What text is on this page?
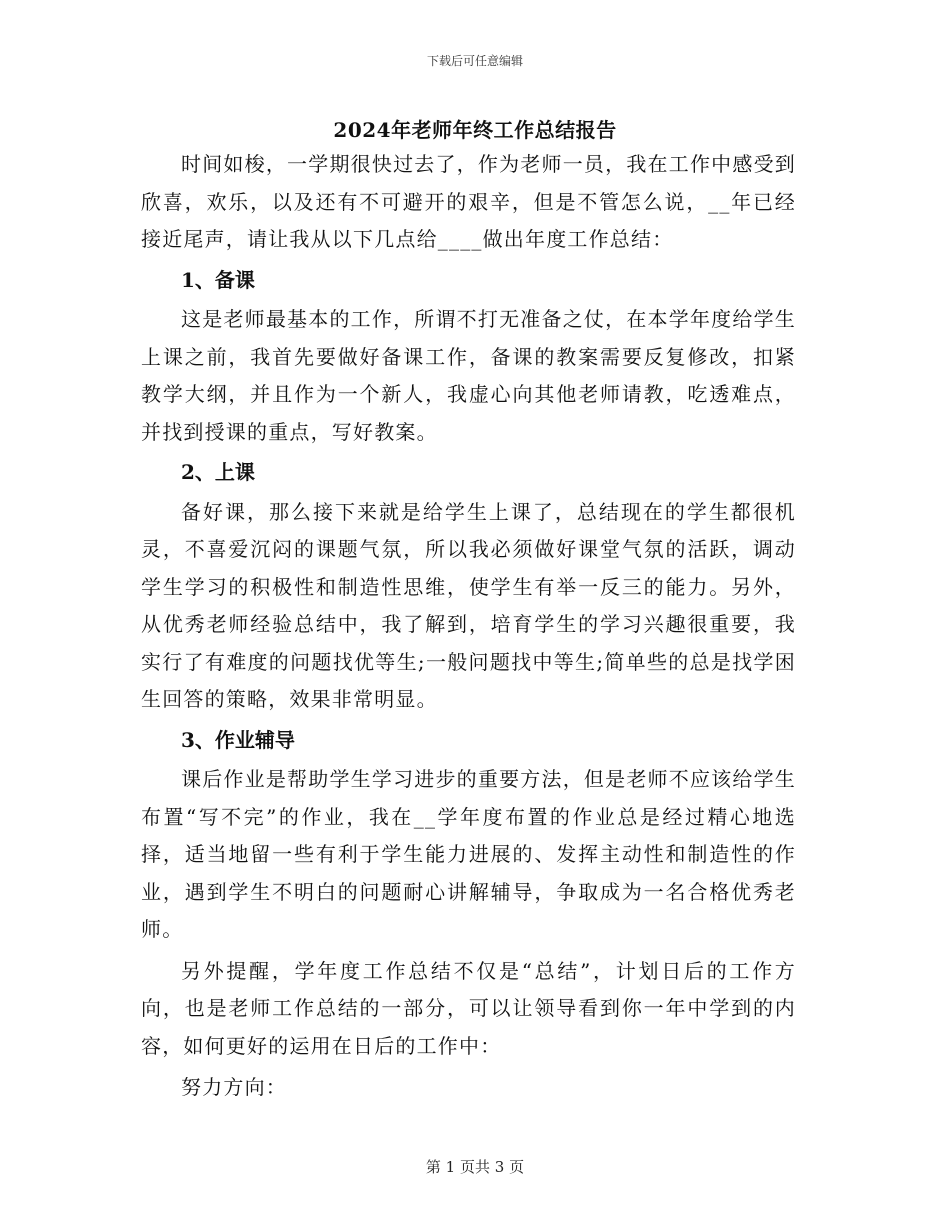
下载后可任意编辑
2024年老师年终工作总结报告

时间如梭，一学期很快过去了，作为老师一员，我在工作中感受到欣喜，欢乐，以及还有不可避开的艰辛，但是不管怎么说，__年已经接近尾声，请让我从以下几点给____做出年度工作总结：

1、备课

这是老师最基本的工作，所谓不打无准备之仗，在本学年度给学生上课之前，我首先要做好备课工作，备课的教案需要反复修改，扣紧教学大纲，并且作为一个新人，我虚心向其他老师请教，吃透难点，并找到授课的重点，写好教案。

2、上课

备好课，那么接下来就是给学生上课了，总结现在的学生都很机灵，不喜爱沉闷的课题气氛，所以我必须做好课堂气氛的活跃，调动学生学习的积极性和制造性思维，使学生有举一反三的能力。另外，从优秀老师经验总结中，我了解到，培育学生的学习兴趣很重要，我实行了有难度的问题找优等生;一般问题找中等生;简单些的总是找学困生回答的策略，效果非常明显。

3、作业辅导

课后作业是帮助学生学习进步的重要方法，但是老师不应该给学生布置“写不完”的作业，我在__学年度布置的作业总是经过精心地选择，适当地留一些有利于学生能力进展的、发挥主动性和制造性的作业，遇到学生不明白的问题耐心讲解辅导，争取成为一名合格优秀老师。

另外提醒，学年度工作总结不仅是“总结”，计划日后的工作方向，也是老师工作总结的一部分，可以让领导看到你一年中学到的内容，如何更好的运用在日后的工作中：

努力方向：

第 1 页共 3 页
